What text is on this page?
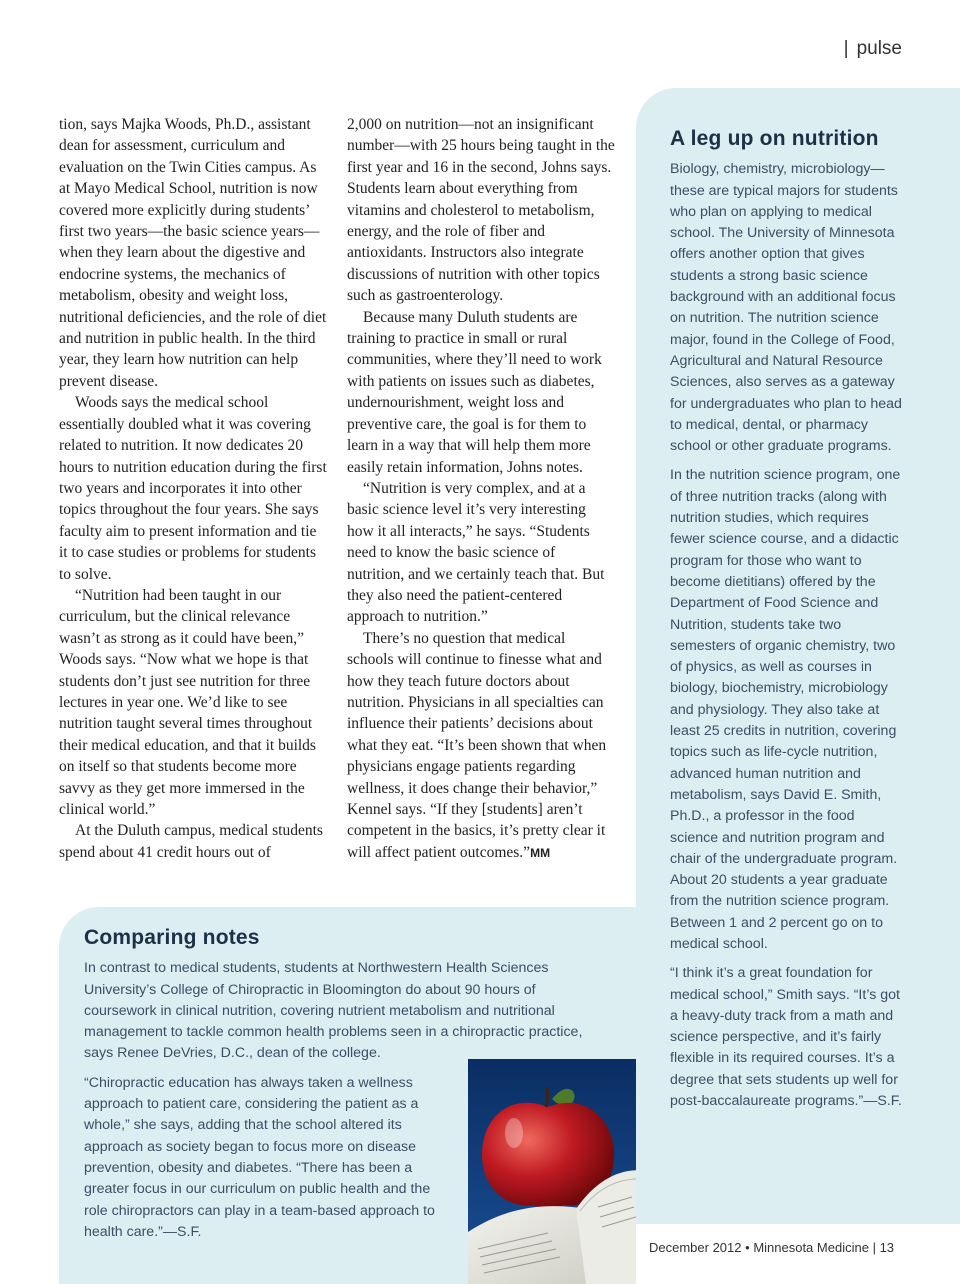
| pulse

tion, says Majka Woods, Ph.D., assistant dean for assessment, curriculum and evaluation on the Twin Cities campus. As at Mayo Medical School, nutrition is now covered more explicitly during students’ first two years—the basic science years—when they learn about the digestive and endocrine systems, the mechanics of metabolism, obesity and weight loss, nutritional deficiencies, and the role of diet and nutrition in public health. In the third year, they learn how nutrition can help prevent disease.

Woods says the medical school essentially doubled what it was covering related to nutrition. It now dedicates 20 hours to nutrition education during the first two years and incorporates it into other topics throughout the four years. She says faculty aim to present information and tie it to case studies or problems for students to solve.

“Nutrition had been taught in our curriculum, but the clinical relevance wasn’t as strong as it could have been,” Woods says. “Now what we hope is that students don’t just see nutrition for three lectures in year one. We’d like to see nutrition taught several times throughout their medical education, and that it builds on itself so that students become more savvy as they get more immersed in the clinical world.”

At the Duluth campus, medical students spend about 41 credit hours out of

2,000 on nutrition—not an insignificant number—with 25 hours being taught in the first year and 16 in the second, Johns says. Students learn about everything from vitamins and cholesterol to metabolism, energy, and the role of fiber and antioxidants. Instructors also integrate discussions of nutrition with other topics such as gastroenterology.

Because many Duluth students are training to practice in small or rural communities, where they’ll need to work with patients on issues such as diabetes, undernourishment, weight loss and preventive care, the goal is for them to learn in a way that will help them more easily retain information, Johns notes.

“Nutrition is very complex, and at a basic science level it’s very interesting how it all interacts,” he says. “Students need to know the basic science of nutrition, and we certainly teach that. But they also need the patient-centered approach to nutrition.”

There’s no question that medical schools will continue to finesse what and how they teach future doctors about nutrition. Physicians in all specialties can influence their patients’ decisions about what they eat. “It’s been shown that when physicians engage patients regarding wellness, it does change their behavior,” Kennel says. “If they [students] aren’t competent in the basics, it’s pretty clear it will affect patient outcomes.”MM

A leg up on nutrition

Biology, chemistry, microbiology—these are typical majors for students who plan on applying to medical school. The University of Minnesota offers another option that gives students a strong basic science background with an additional focus on nutrition. The nutrition science major, found in the College of Food, Agricultural and Natural Resource Sciences, also serves as a gateway for undergraduates who plan to head to medical, dental, or pharmacy school or other graduate programs.

In the nutrition science program, one of three nutrition tracks (along with nutrition studies, which requires fewer science course, and a didactic program for those who want to become dietitians) offered by the Department of Food Science and Nutrition, students take two semesters of organic chemistry, two of physics, as well as courses in biology, biochemistry, microbiology and physiology. They also take at least 25 credits in nutrition, covering topics such as life-cycle nutrition, advanced human nutrition and metabolism, says David E. Smith, Ph.D., a professor in the food science and nutrition program and chair of the undergraduate program. About 20 students a year graduate from the nutrition science program. Between 1 and 2 percent go on to medical school.

“I think it’s a great foundation for medical school,” Smith says. “It’s got a heavy-duty track from a math and science perspective, and it’s fairly flexible in its required courses. It’s a degree that sets students up well for post-baccalaureate programs.”—S.F.

Comparing notes

In contrast to medical students, students at Northwestern Health Sciences University’s College of Chiropractic in Bloomington do about 90 hours of coursework in clinical nutrition, covering nutrient metabolism and nutritional management to tackle common health problems seen in a chiropractic practice, says Renee DeVries, D.C., dean of the college.

“Chiropractic education has always taken a wellness approach to patient care, considering the patient as a whole,” she says, adding that the school altered its approach as society began to focus more on disease prevention, obesity and diabetes. “There has been a greater focus in our curriculum on public health and the role chiropractors can play in a team-based approach to health care.”—S.F.

December 2012 • Minnesota Medicine | 13
